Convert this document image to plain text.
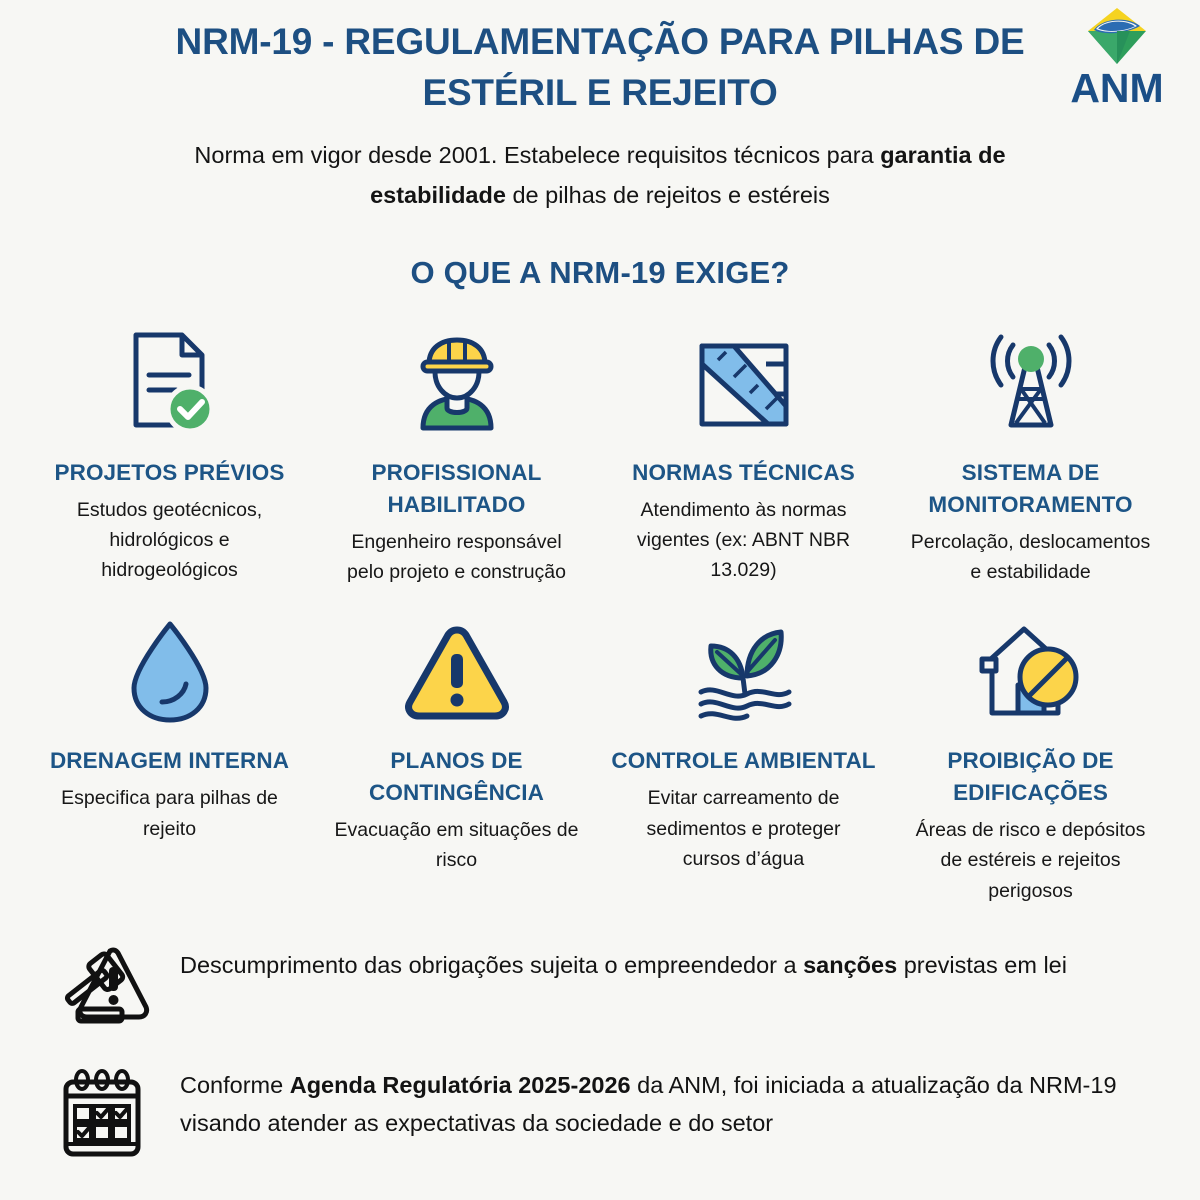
NRM-19 - REGULAMENTAÇÃO PARA PILHAS DE ESTÉRIL E REJEITO	ANM
Norma em vigor desde 2001. Estabelece requisitos técnicos para garantia de estabilidade de pilhas de rejeitos e estéreis
O QUE A NRM-19 EXIGE?
PROJETOS PRÉVIOS
Estudos geotécnicos, hidrológicos e hidrogeológicos
PROFISSIONAL HABILITADO
Engenheiro responsável pelo projeto e construção
NORMAS TÉCNICAS
Atendimento às normas vigentes (ex: ABNT NBR 13.029)
SISTEMA DE MONITORAMENTO
Percolação, deslocamentos e estabilidade
DRENAGEM INTERNA
Especifica para pilhas de rejeito
PLANOS DE CONTINGÊNCIA
Evacuação em situações de risco
CONTROLE AMBIENTAL
Evitar carreamento de sedimentos e proteger cursos d’água
PROIBIÇÃO DE EDIFICAÇÕES
Áreas de risco e depósitos de estéreis e rejeitos perigosos
Descumprimento das obrigações sujeita o empreendedor a sanções previstas em lei
Conforme Agenda Regulatória 2025-2026 da ANM, foi iniciada a atualização da NRM-19 visando atender as expectativas da sociedade e do setor
